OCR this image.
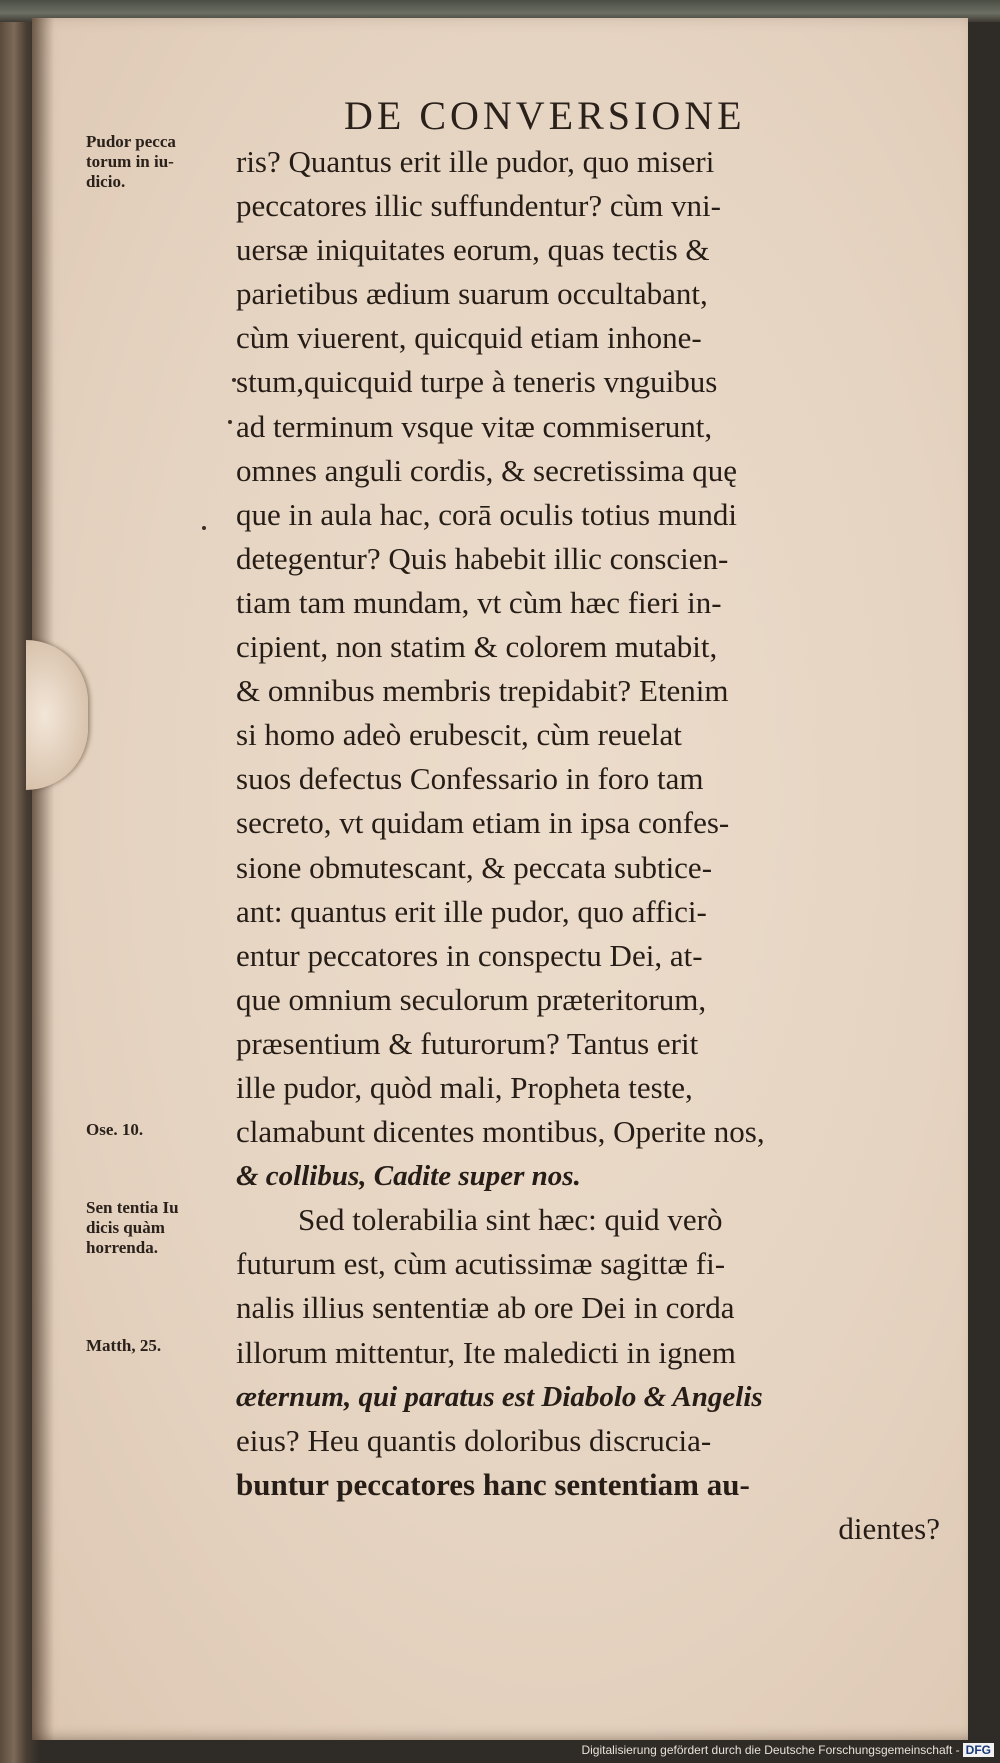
DE CONVERSIONE
Pudor pecca
torum in iu-
dicio.
Ose. 10.
Sen tentia Iu
dicis quàm
horrenda.
Matth, 25.
ris? Quantus erit ille pudor, quo miseri
peccatores illic suffundentur? cùm vni-
uersæ iniquitates eorum, quas tectis &
parietibus ædium suarum occultabant,
cùm viuerent, quicquid etiam inhone-
stum,quicquid turpe à teneris vnguibus
ad terminum vsque vitæ commiserunt,
omnes anguli cordis, & secretissima quę
que in aula hac, corā oculis totius mundi
detegentur? Quis habebit illic conscien-
tiam tam mundam, vt cùm hæc fieri in-
cipient, non statim & colorem mutabit,
& omnibus membris trepidabit? Etenim
si homo adeò erubescit, cùm reuelat
suos defectus Confessario in foro tam
secreto, vt quidam etiam in ipsa confes-
sione obmutescant, & peccata subtice-
ant: quantus erit ille pudor, quo affici-
entur peccatores in conspectu Dei, at-
que omnium seculorum præteritorum,
præsentium & futurorum? Tantus erit
ille pudor, quòd mali, Propheta teste,
clamabunt dicentes montibus, Operite nos,
& collibus, Cadite super nos.
Sed tolerabilia sint hæc: quid verò
futurum est, cùm acutissimæ sagittæ fi-
nalis illius sententiæ ab ore Dei in corda
illorum mittentur, Ite maledicti in ignem
æternum, qui paratus est Diabolo & Angelis
eius? Heu quantis doloribus discrucia-
buntur peccatores hanc sententiam au-
dientes?
Digitalisierung gefördert durch die Deutsche Forschungsgemeinschaft - DFG
